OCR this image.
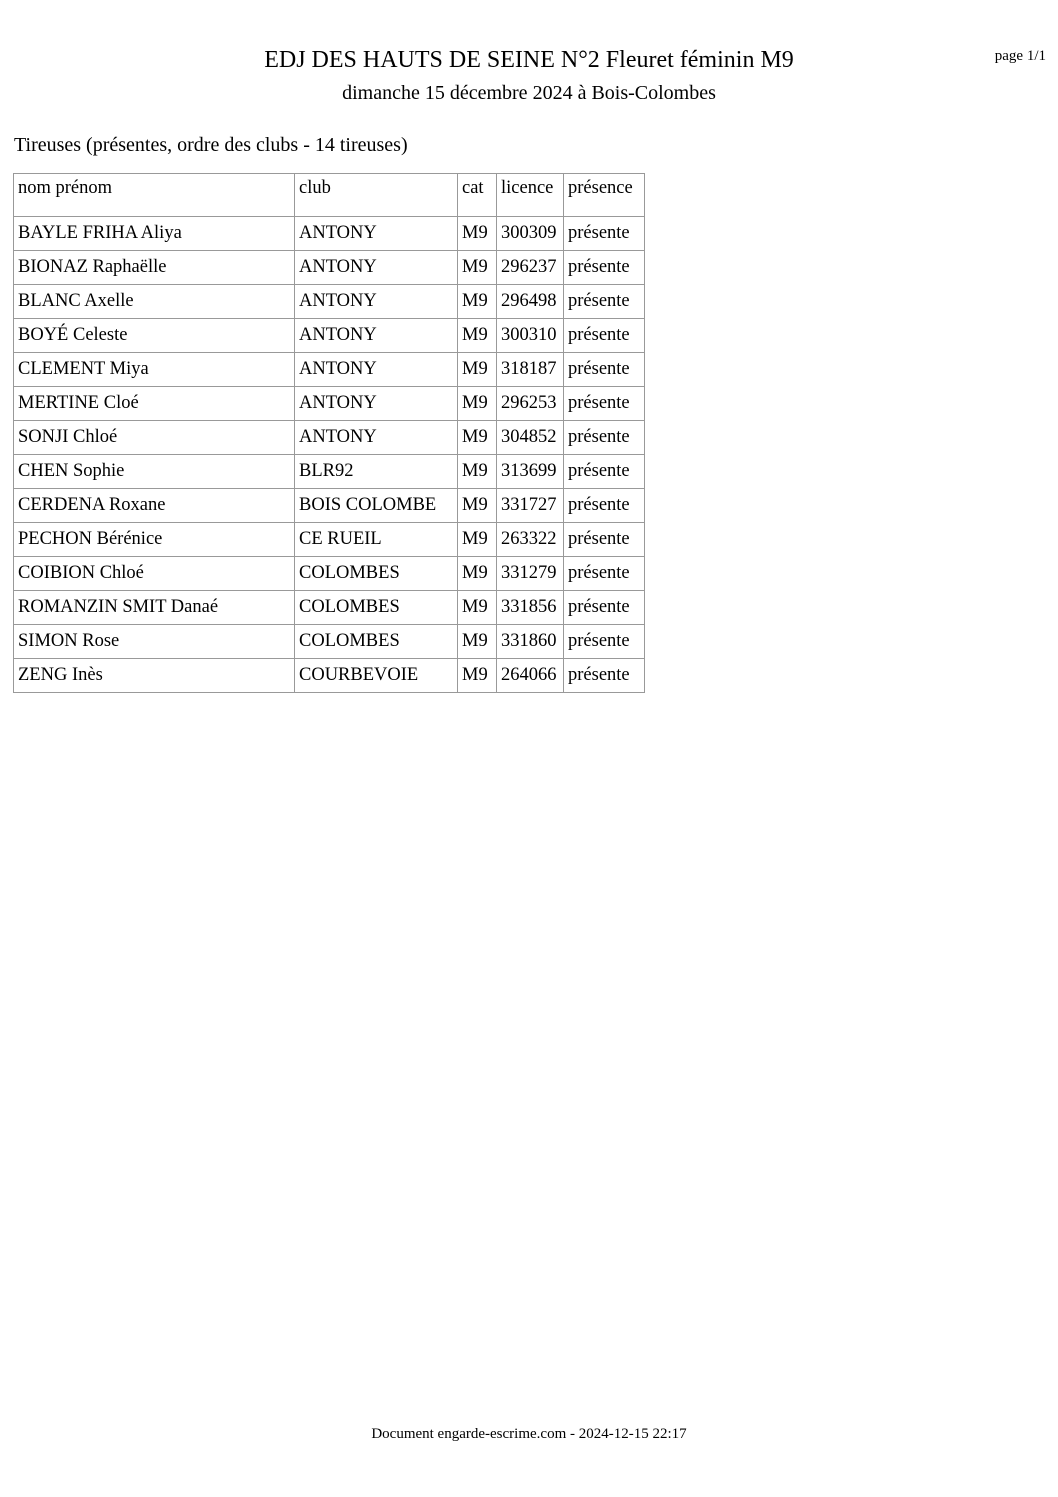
EDJ DES HAUTS DE SEINE N°2 Fleuret féminin M9
dimanche 15 décembre 2024 à Bois-Colombes
page 1/1
Tireuses (présentes, ordre des clubs - 14 tireuses)
nom prénom	club	cat	licence	présence
BAYLE FRIHA Aliya	ANTONY	M9	300309	présente
BIONAZ Raphaëlle	ANTONY	M9	296237	présente
BLANC Axelle	ANTONY	M9	296498	présente
BOYÉ Celeste	ANTONY	M9	300310	présente
CLEMENT Miya	ANTONY	M9	318187	présente
MERTINE Cloé	ANTONY	M9	296253	présente
SONJI Chloé	ANTONY	M9	304852	présente
CHEN Sophie	BLR92	M9	313699	présente
CERDENA Roxane	BOIS COLOMBE	M9	331727	présente
PECHON Bérénice	CE RUEIL	M9	263322	présente
COIBION Chloé	COLOMBES	M9	331279	présente
ROMANZIN SMIT Danaé	COLOMBES	M9	331856	présente
SIMON Rose	COLOMBES	M9	331860	présente
ZENG Inès	COURBEVOIE	M9	264066	présente
Document engarde-escrime.com - 2024-12-15 22:17
